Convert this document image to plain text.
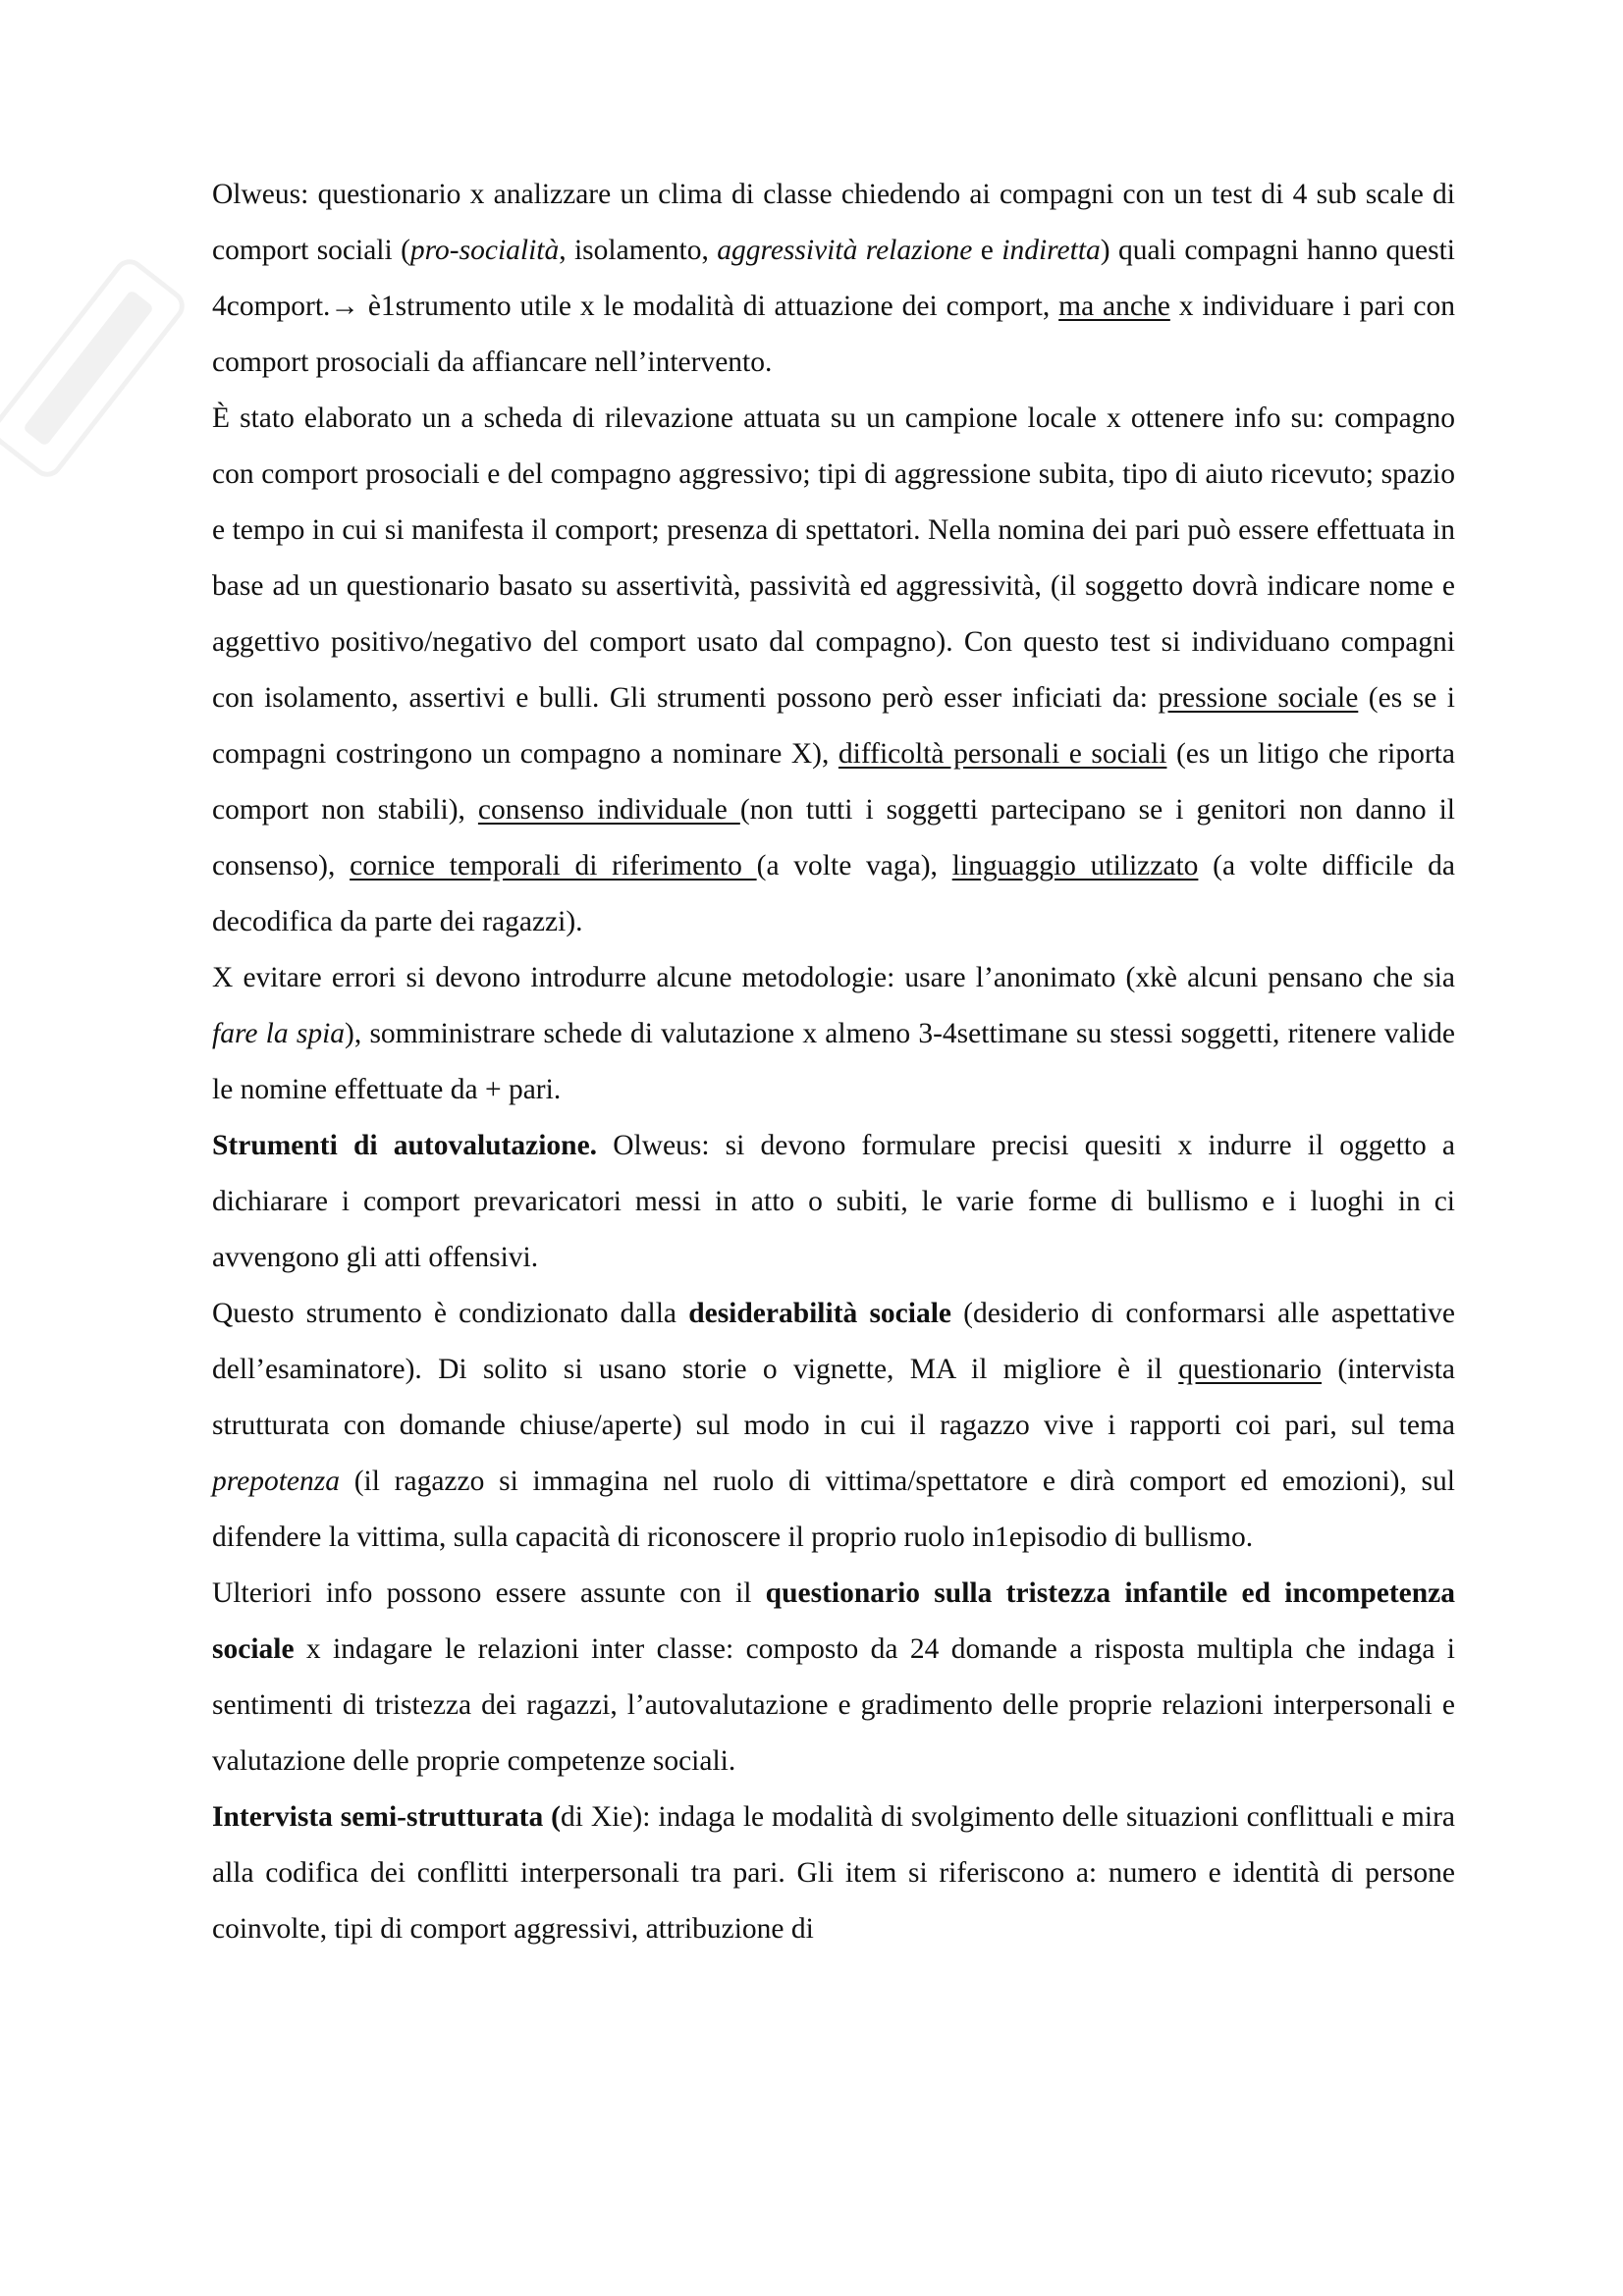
Olweus: questionario x analizzare un clima di classe chiedendo ai compagni con un test di 4 sub scale di comport sociali (pro-socialità, isolamento, aggressività relazione e indiretta) quali compagni hanno questi 4comport.→ è1strumento utile x le modalità di attuazione dei comport, ma anche x individuare i pari con comport prosociali da affiancare nell’intervento.

È stato elaborato un a scheda di rilevazione attuata su un campione locale x ottenere info su: compagno con comport prosociali e del compagno aggressivo; tipi di aggressione subita, tipo di aiuto ricevuto; spazio e tempo in cui si manifesta il comport; presenza di spettatori. Nella nomina dei pari può essere effettuata in base ad un questionario basato su assertività, passività ed aggressività, (il soggetto dovrà indicare nome e aggettivo positivo/negativo del comport usato dal compagno). Con questo test si individuano compagni con isolamento, assertivi e bulli. Gli strumenti possono però esser inficiati da: pressione sociale (es se i compagni costringono un compagno a nominare X), difficoltà personali e sociali (es un litigo che riporta comport non stabili), consenso individuale (non tutti i soggetti partecipano se i genitori non danno il consenso), cornice temporali di riferimento (a volte vaga), linguaggio utilizzato (a volte difficile da decodifica da parte dei ragazzi).

X evitare errori si devono introdurre alcune metodologie: usare l’anonimato (xkè alcuni pensano che sia fare la spia), somministrare schede di valutazione x almeno 3-4settimane su stessi soggetti, ritenere valide le nomine effettuate da + pari.

Strumenti di autovalutazione. Olweus: si devono formulare precisi quesiti x indurre il oggetto a dichiarare i comport prevaricatori messi in atto o subiti, le varie forme di bullismo e i luoghi in ci avvengono gli atti offensivi.

Questo strumento è condizionato dalla desiderabilità sociale (desiderio di conformarsi alle aspettative dell’esaminatore). Di solito si usano storie o vignette, MA il migliore è il questionario (intervista strutturata con domande chiuse/aperte) sul modo in cui il ragazzo vive i rapporti coi pari, sul tema prepotenza (il ragazzo si immagina nel ruolo di vittima/spettatore e dirà comport ed emozioni), sul difendere la vittima, sulla capacità di riconoscere il proprio ruolo in1episodio di bullismo.

Ulteriori info possono essere assunte con il questionario sulla tristezza infantile ed incompetenza sociale x indagare le relazioni inter classe: composto da 24 domande a risposta multipla che indaga i sentimenti di tristezza dei ragazzi, l’autovalutazione e gradimento delle proprie relazioni interpersonali e valutazione delle proprie competenze sociali.

Intervista semi-strutturata (di Xie): indaga le modalità di svolgimento delle situazioni conflittuali e mira alla codifica dei conflitti interpersonali tra pari. Gli item si riferiscono a: numero e identità di persone coinvolte, tipi di comport aggressivi, attribuzione di
